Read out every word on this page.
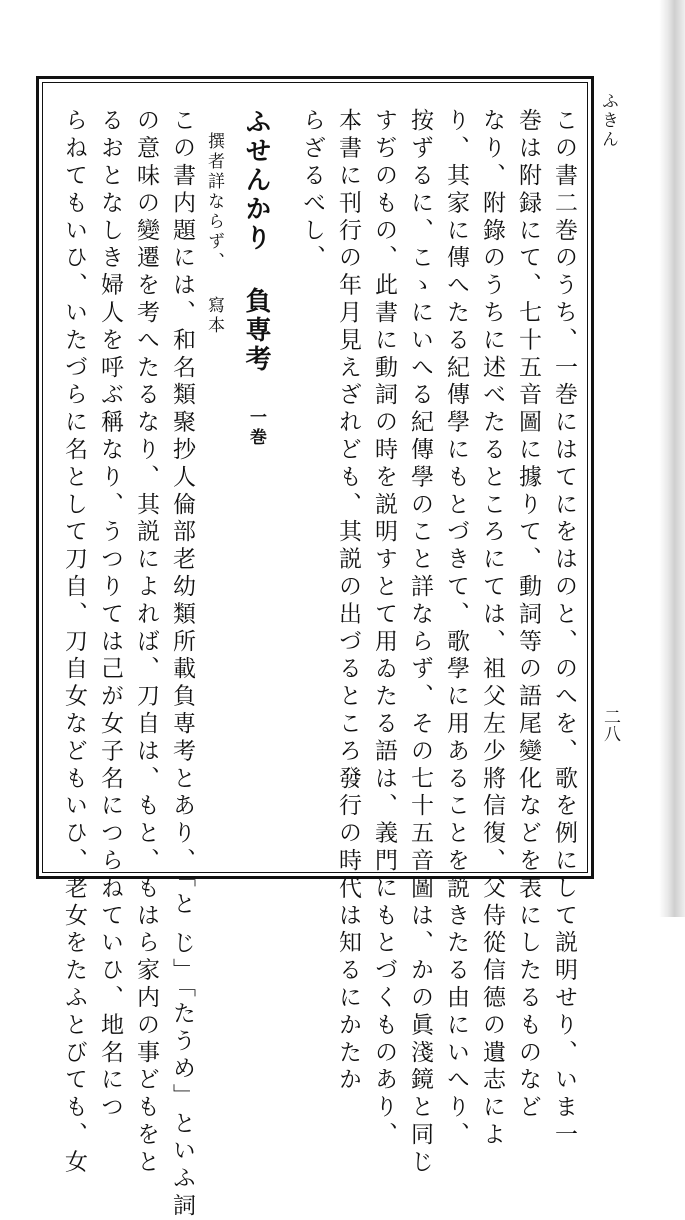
ふきん
二八
この書二巻のうち、一巻にはてにをはのと、のへを、歌を例にして説明せり、いま一
巻は附録にて、七十五音圖に據りて、動詞等の語尾變化などを表にしたるものなど
なり、附錄のうちに述べたるところにては、祖父左少將信復、父侍從信德の遺志によ
り、其家に傳へたる紀傳學にもとづきて、歌學に用あることを説きたる由にいへり、
按ずるに、こゝにいへる紀傳學のこと詳ならず、その七十五音圖は、かの眞淺鏡と同じ
すぢのもの、此書に動詞の時を説明すとて用ゐたる語は、義門にもとづくものあり、
本書に刊行の年月見えざれども、其説の出づるところ發行の時代は知るにかたか
らざるべし、
ふせんかり負専考一巻
撰者詳ならず、寫本
この書内題には、和名類聚抄人倫部老幼類所載負専考とあり、「と じ」「たうめ」といふ詞
の意味の變遷を考へたるなり、其説によれば、刀自は、もと、もはら家内の事どもをと
るおとなしき婦人を呼ぶ稱なり、うつりては己が女子名につらねていひ、地名につ
らねてもいひ、いたづらに名として刀自、刀自女などもいひ、老女をたふとびても、女
